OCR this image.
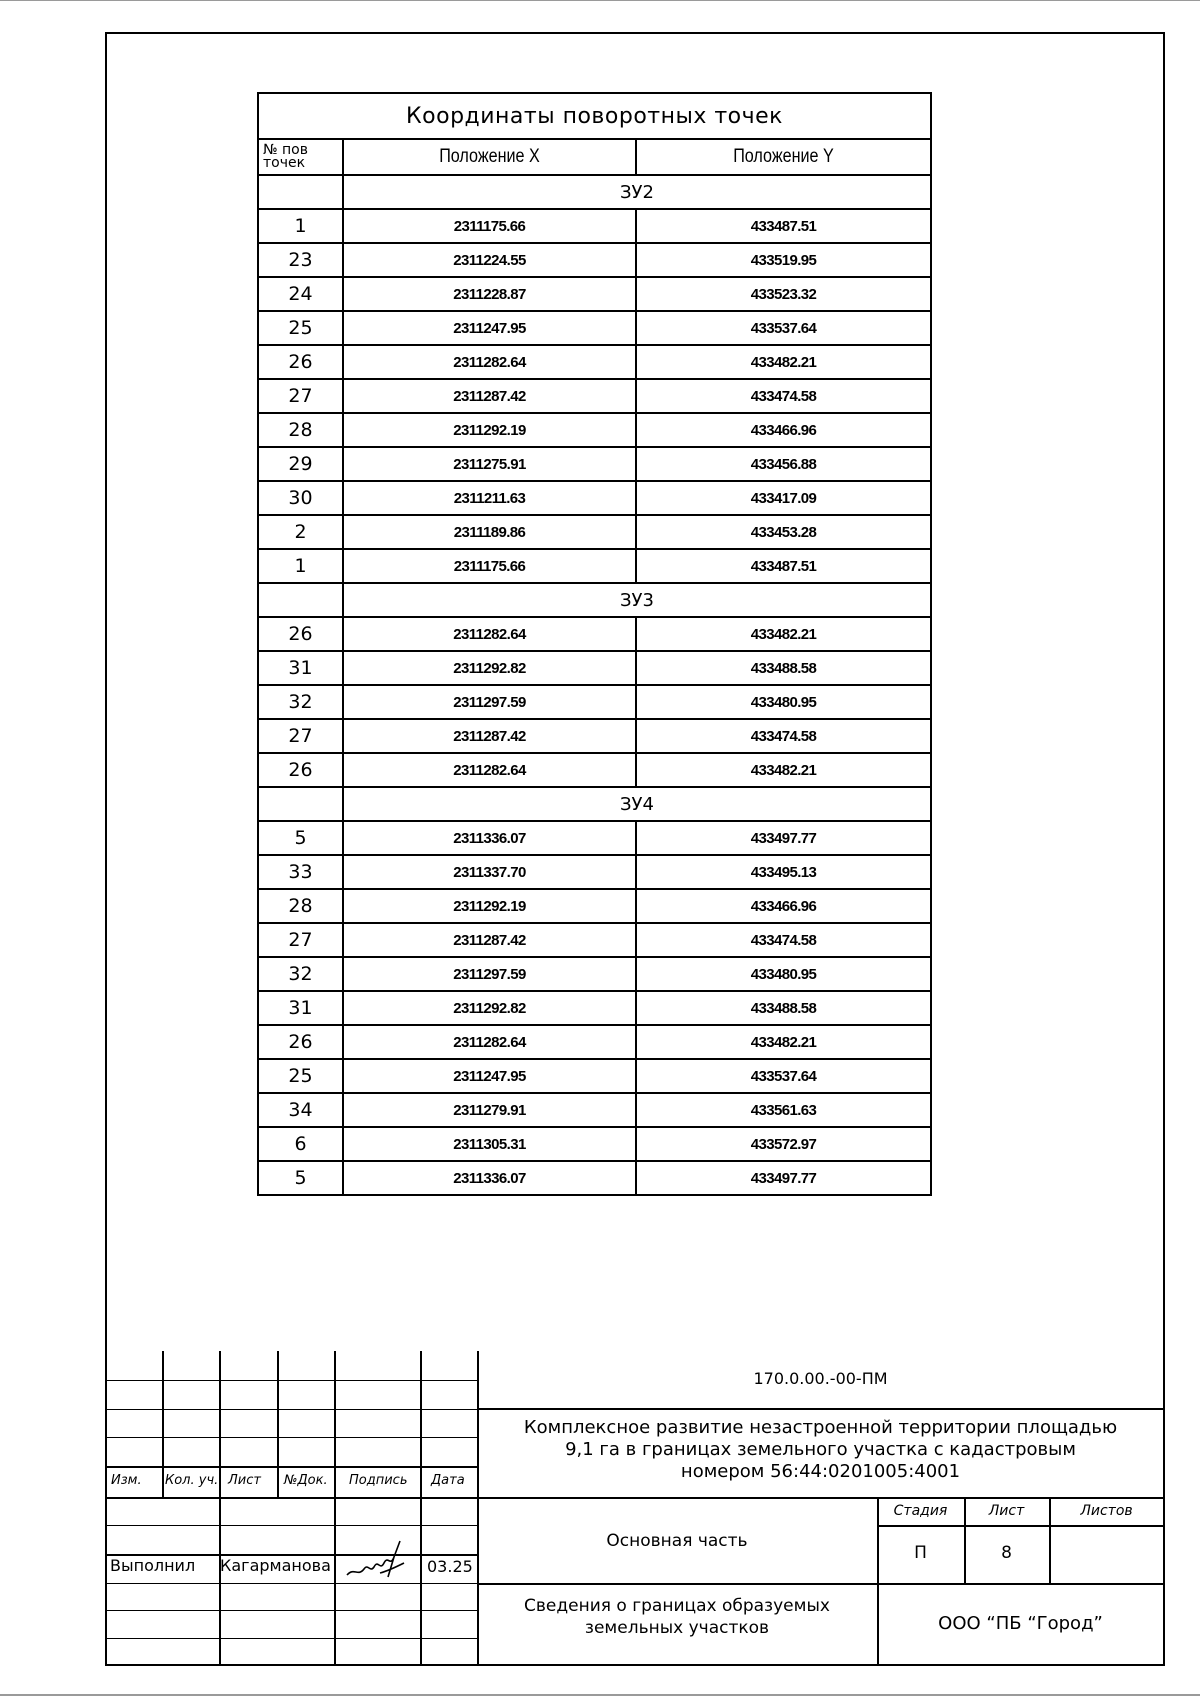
Координаты поворотных точек		
№ пов
точек	Положение X	Положение Y

	ЗУ2	
1	2311175.66	433487.51
23	2311224.55	433519.95
24	2311228.87	433523.32
25	2311247.95	433537.64
26	2311282.64	433482.21
27	2311287.42	433474.58
28	2311292.19	433466.96
29	2311275.91	433456.88
30	2311211.63	433417.09
2	2311189.86	433453.28
1	2311175.66	433487.51
	ЗУ3	
26	2311282.64	433482.21
31	2311292.82	433488.58
32	2311297.59	433480.95
27	2311287.42	433474.58
26	2311282.64	433482.21
	ЗУ4	
5	2311336.07	433497.77
33	2311337.70	433495.13
28	2311292.19	433466.96
27	2311287.42	433474.58
32	2311297.59	433480.95
31	2311292.82	433488.58
26	2311282.64	433482.21
25	2311247.95	433537.64
34	2311279.91	433561.63
6	2311305.31	433572.97
5	2311336.07	433497.77
Изм. Кол. уч. Лист №Док. Подпись Дата
Выполнил Кагарманова	03.25
170.0.00.-00-ПМ
Комплексное развитие незастроенной территории площадью
9,1 га в границах земельного участка с кадастровым
номером 56:44:0201005:4001
Основная часть
Сведения о границах образуемых
земельных участков
Стадия	Лист	Листов
П	8
ООО “ПБ “Город”
